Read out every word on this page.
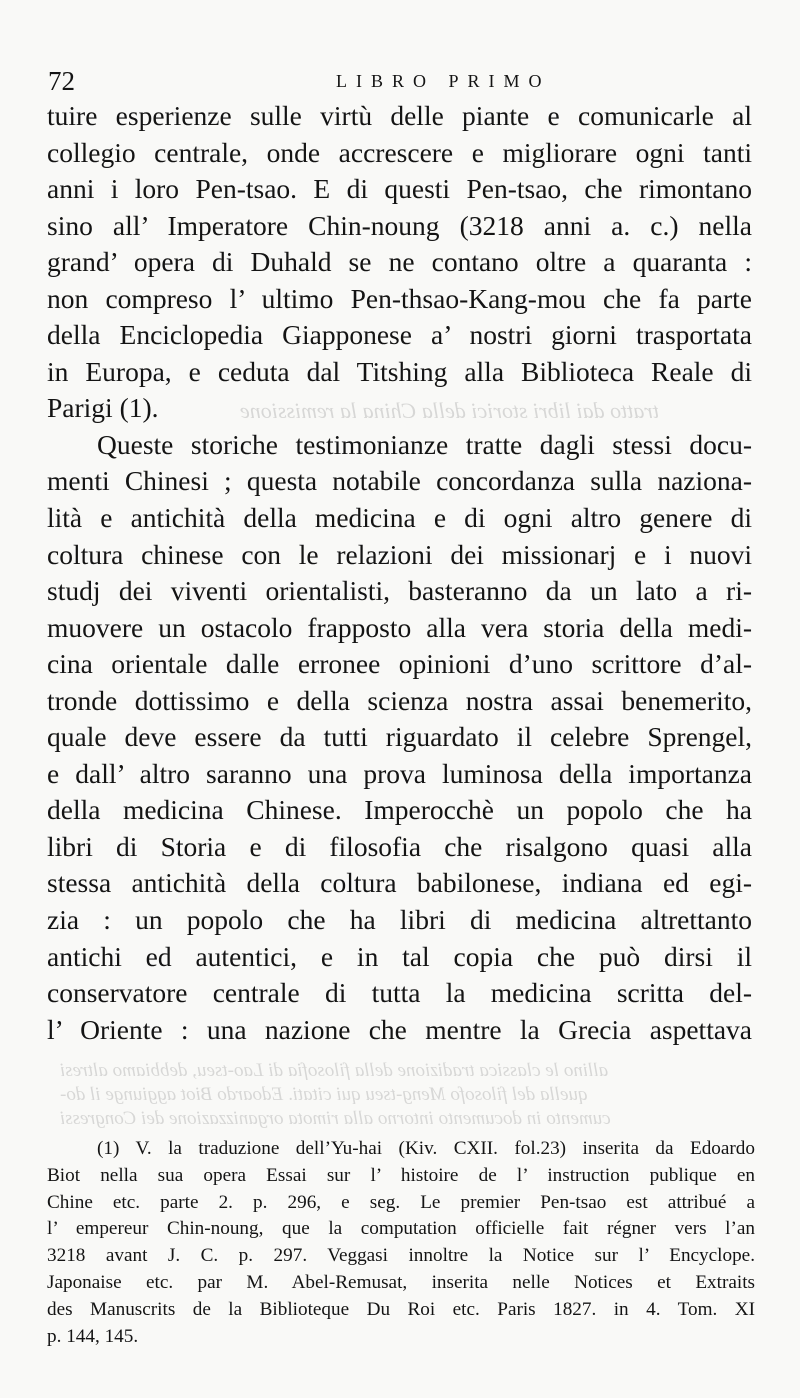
tratto dai libri storici della China la remissione
allino le classica tradizione della filosofia di Lao-tseu, debbiamo altresi
quella del filosofo Meng-tseu qui citati. Edoardo Biot aggiunge il do-
cumento in documento intorno alla rimota organizzazione dei Congressi
72	LIBRO PRIMO
tuire esperienze sulle virtù delle piante e comunicarle al
collegio centrale, onde accrescere e migliorare ogni tanti
anni i loro Pen-tsao. E di questi Pen-tsao, che rimontano
sino all’ Imperatore Chin-noung (3218 anni a. c.) nella
grand’ opera di Duhald se ne contano oltre a quaranta :
non compreso l’ ultimo Pen-thsao-Kang-mou che fa parte
della Enciclopedia Giapponese a’ nostri giorni trasportata
in Europa, e ceduta dal Titshing alla Biblioteca Reale di
Parigi (1).
Queste storiche testimonianze tratte dagli stessi docu-
menti Chinesi ; questa notabile concordanza sulla naziona-
lità e antichità della medicina e di ogni altro genere di
coltura chinese con le relazioni dei missionarj e i nuovi
studj dei viventi orientalisti, basteranno da un lato a ri-
muovere un ostacolo frapposto alla vera storia della medi-
cina orientale dalle erronee opinioni d’uno scrittore d’al-
tronde dottissimo e della scienza nostra assai benemerito,
quale deve essere da tutti riguardato il celebre Sprengel,
e dall’ altro saranno una prova luminosa della importanza
della medicina Chinese. Imperocchè un popolo che ha
libri di Storia e di filosofia che risalgono quasi alla
stessa antichità della coltura babilonese, indiana ed egi-
zia : un popolo che ha libri di medicina altrettanto
antichi ed autentici, e in tal copia che può dirsi il
conservatore centrale di tutta la medicina scritta del-
l’ Oriente : una nazione che mentre la Grecia aspettava
(1) V. la traduzione dell’Yu-hai (Kiv. CXII. fol.23) inserita da Edoardo
Biot nella sua opera Essai sur l’ histoire de l’ instruction publique en
Chine etc. parte 2. p. 296, e seg. Le premier Pen-tsao est attribué a
l’ empereur Chin-noung, que la computation officielle fait régner vers l’an
3218 avant J. C. p. 297. Veggasi innoltre la Notice sur l’ Encyclope.
Japonaise etc. par M. Abel-Remusat, inserita nelle Notices et Extraits
des Manuscrits de la Biblioteque Du Roi etc. Paris 1827. in 4. Tom. XI
p. 144, 145.
